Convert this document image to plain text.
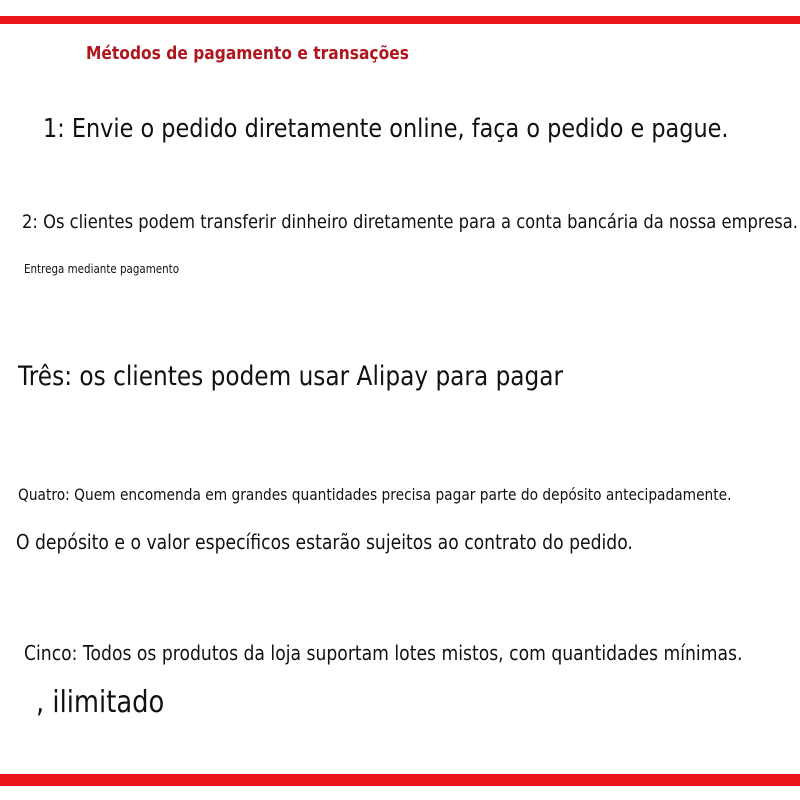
Métodos de pagamento e transações

1: Envie o pedido diretamente online, faça o pedido e pague.

2: Os clientes podem transferir dinheiro diretamente para a conta bancária da nossa empresa.

Entrega mediante pagamento

Três: os clientes podem usar Alipay para pagar

Quatro: Quem encomenda em grandes quantidades precisa pagar parte do depósito antecipadamente.

O depósito e o valor específicos estarão sujeitos ao contrato do pedido.

Cinco: Todos os produtos da loja suportam lotes mistos, com quantidades mínimas.

, ilimitado
